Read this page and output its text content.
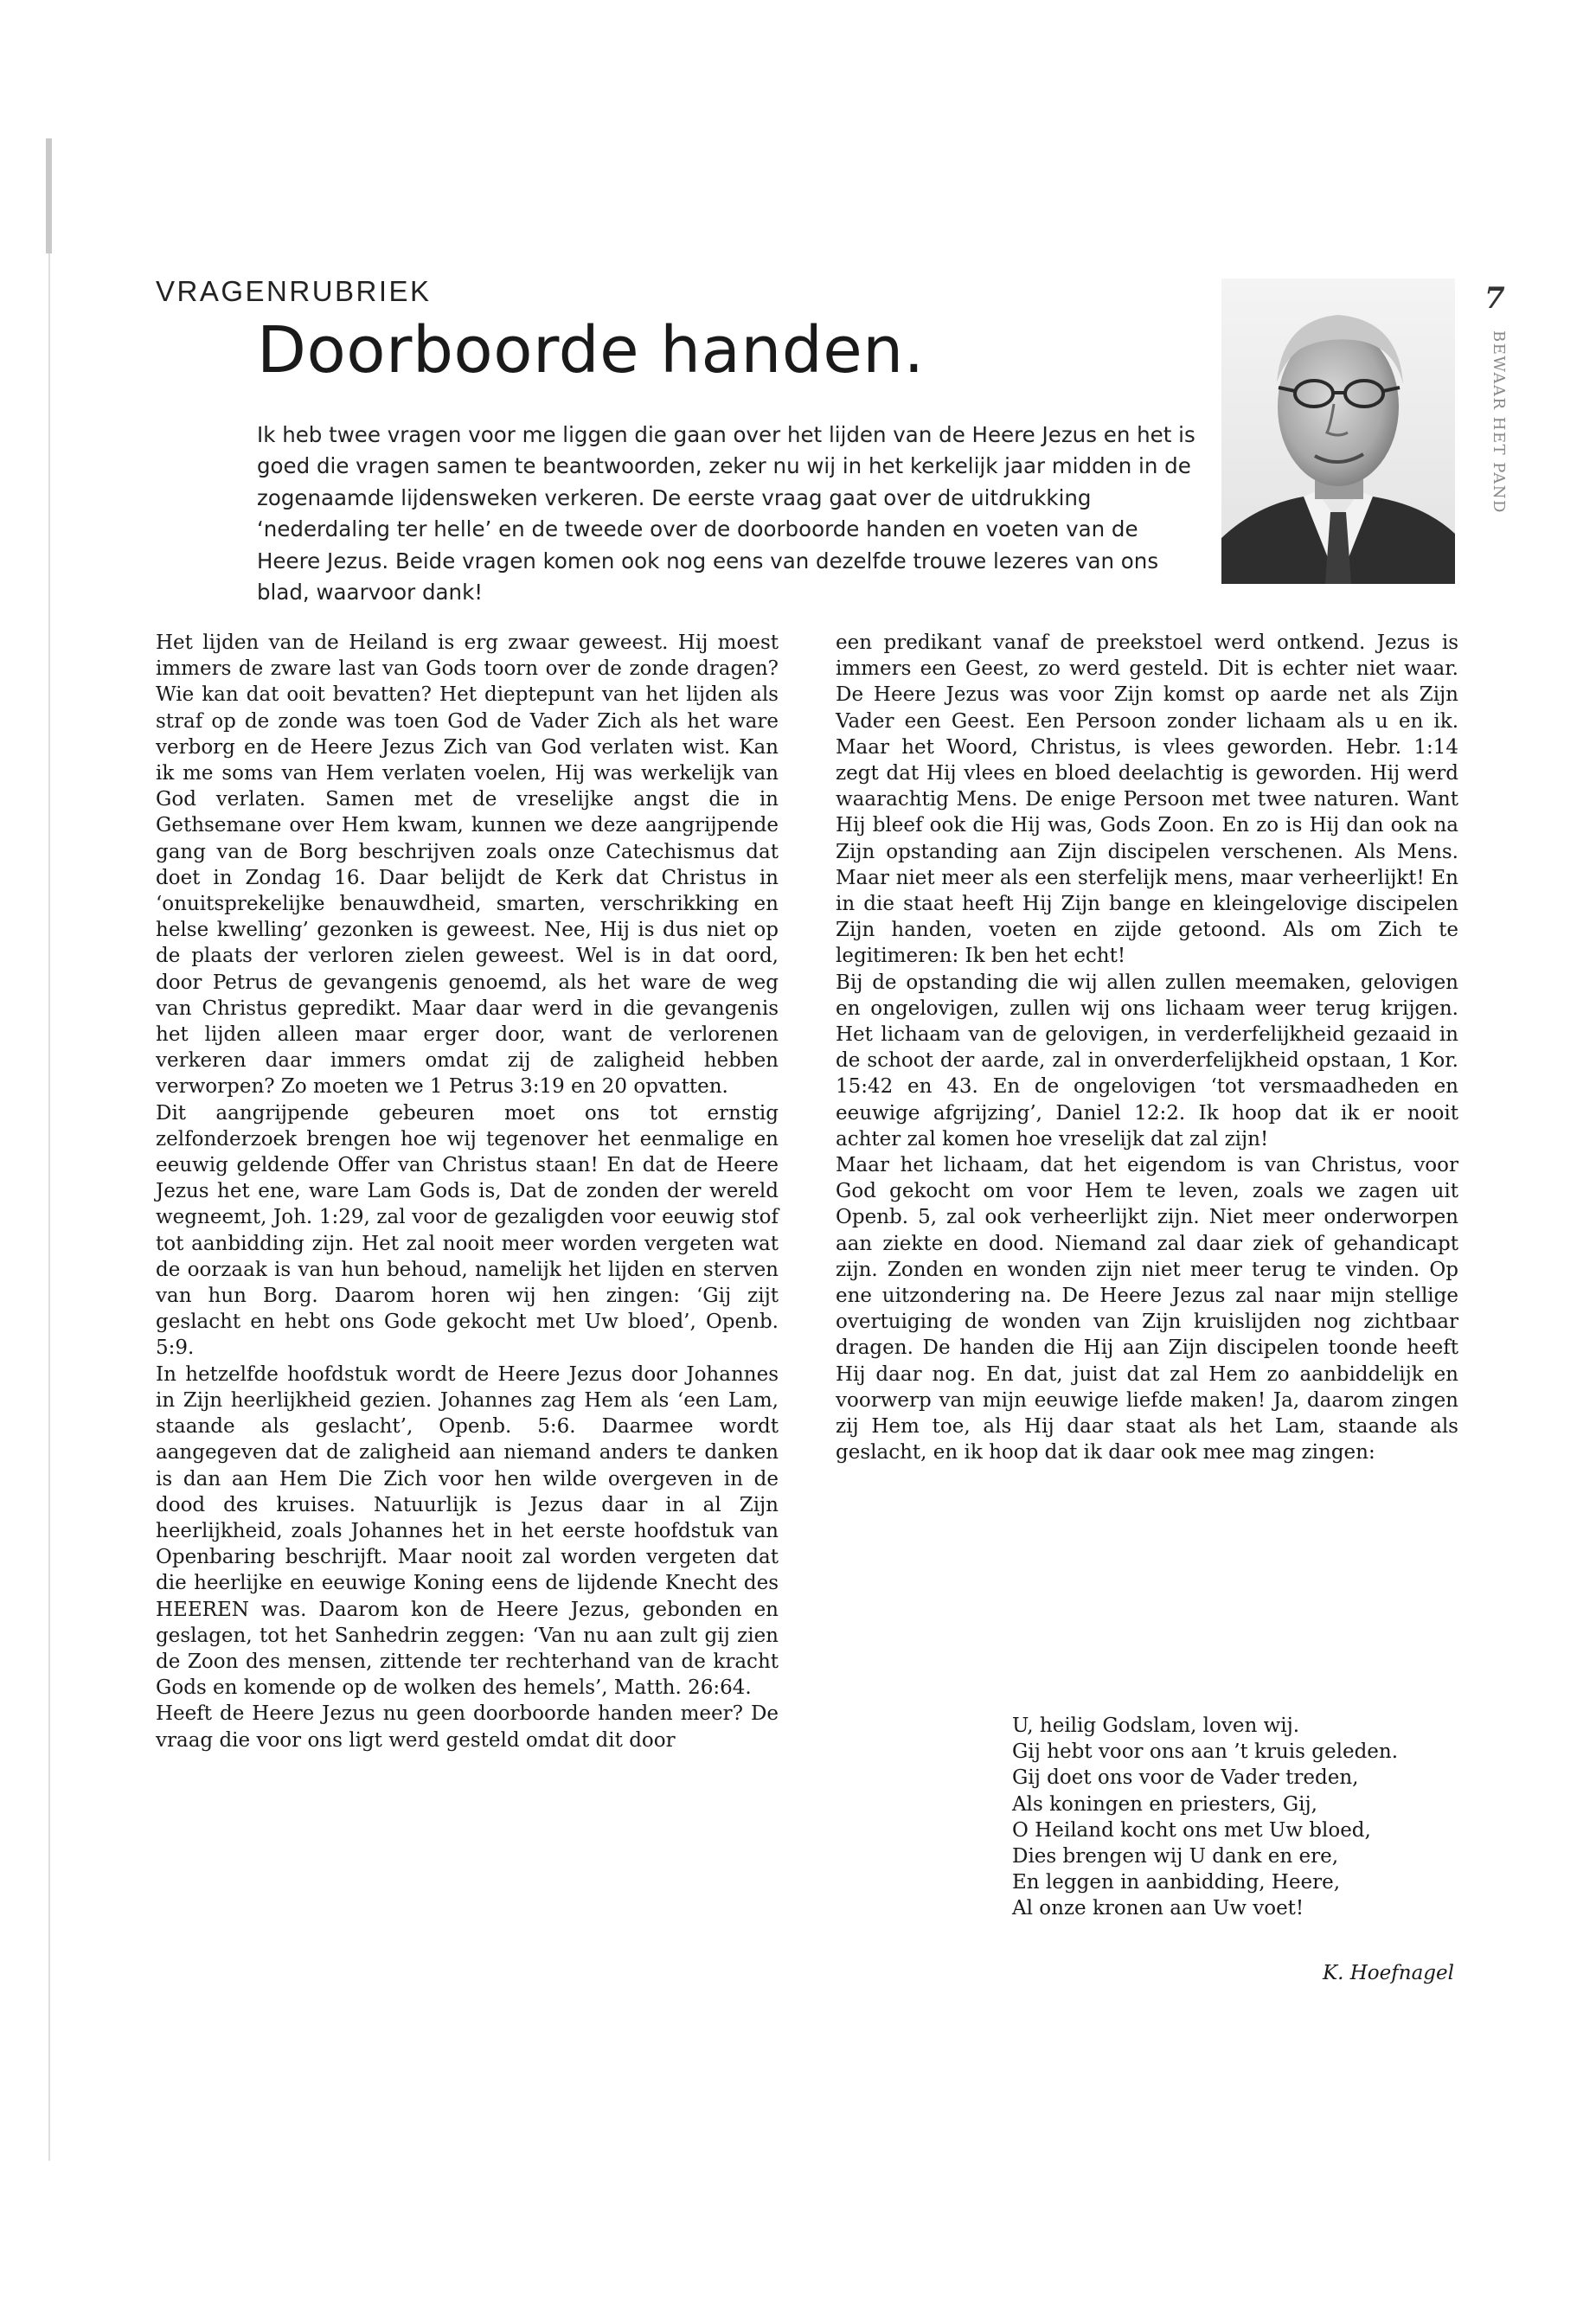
VRAGENRUBRIEK
Doorboorde handen.

Ik heb twee vragen voor me liggen die gaan over het lijden van de Heere Jezus en het is goed die vragen samen te beantwoorden, zeker nu wij in het kerkelijk jaar midden in de zogenaamde lijdensweken verkeren. De eerste vraag gaat over de uitdrukking ‘nederdaling ter helle’ en de tweede over de doorboorde handen en voeten van de Heere Jezus. Beide vragen komen ook nog eens van dezelfde trouwe lezeres van ons blad, waarvoor dank!

7
BEWAAR HET PAND

Het lijden van de Heiland is erg zwaar geweest. Hij moest immers de zware last van Gods toorn over de zonde dragen? Wie kan dat ooit bevatten? Het dieptepunt van het lijden als straf op de zonde was toen God de Vader Zich als het ware verborg en de Heere Jezus Zich van God verlaten wist. Kan ik me soms van Hem verlaten voelen, Hij was werkelijk van God verlaten. Samen met de vreselijke angst die in Gethsemane over Hem kwam, kunnen we deze aangrijpende gang van de Borg beschrijven zoals onze Catechismus dat doet in Zondag 16. Daar belijdt de Kerk dat Christus in ‘onuitsprekelijke benauwdheid, smarten, verschrikking en helse kwelling’ gezonken is geweest. Nee, Hij is dus niet op de plaats der verloren zielen geweest. Wel is in dat oord, door Petrus de gevangenis genoemd, als het ware de weg van Christus gepredikt. Maar daar werd in die gevangenis het lijden alleen maar erger door, want de verlorenen verkeren daar immers omdat zij de zaligheid hebben verworpen? Zo moeten we 1 Petrus 3:19 en 20 opvatten.

Dit aangrijpende gebeuren moet ons tot ernstig zelfonderzoek brengen hoe wij tegenover het eenmalige en eeuwig geldende Offer van Christus staan! En dat de Heere Jezus het ene, ware Lam Gods is, Dat de zonden der wereld wegneemt, Joh. 1:29, zal voor de gezaligden voor eeuwig stof tot aanbidding zijn. Het zal nooit meer worden vergeten wat de oorzaak is van hun behoud, namelijk het lijden en sterven van hun Borg. Daarom horen wij hen zingen: ‘Gij zijt geslacht en hebt ons Gode gekocht met Uw bloed’, Openb. 5:9.

In hetzelfde hoofdstuk wordt de Heere Jezus door Johannes in Zijn heerlijkheid gezien. Johannes zag Hem als ‘een Lam, staande als geslacht’, Openb. 5:6. Daarmee wordt aangegeven dat de zaligheid aan niemand anders te danken is dan aan Hem Die Zich voor hen wilde overgeven in de dood des kruises. Natuurlijk is Jezus daar in al Zijn heerlijkheid, zoals Johannes het in het eerste hoofdstuk van Openbaring beschrijft. Maar nooit zal worden vergeten dat die heerlijke en eeuwige Koning eens de lijdende Knecht des HEEREN was. Daarom kon de Heere Jezus, gebonden en geslagen, tot het Sanhedrin zeggen: ‘Van nu aan zult gij zien de Zoon des mensen, zittende ter rechterhand van de kracht Gods en komende op de wolken des hemels’, Matth. 26:64.

Heeft de Heere Jezus nu geen doorboorde handen meer? De vraag die voor ons ligt werd gesteld omdat dit door

een predikant vanaf de preekstoel werd ontkend. Jezus is immers een Geest, zo werd gesteld. Dit is echter niet waar. De Heere Jezus was voor Zijn komst op aarde net als Zijn Vader een Geest. Een Persoon zonder lichaam als u en ik. Maar het Woord, Christus, is vlees geworden. Hebr. 1:14 zegt dat Hij vlees en bloed deelachtig is geworden. Hij werd waarachtig Mens. De enige Persoon met twee naturen. Want Hij bleef ook die Hij was, Gods Zoon. En zo is Hij dan ook na Zijn opstanding aan Zijn discipelen verschenen. Als Mens. Maar niet meer als een sterfelijk mens, maar verheerlijkt! En in die staat heeft Hij Zijn bange en kleingelovige discipelen Zijn handen, voeten en zijde getoond. Als om Zich te legitimeren: Ik ben het echt!

Bij de opstanding die wij allen zullen meemaken, gelovigen en ongelovigen, zullen wij ons lichaam weer terug krijgen. Het lichaam van de gelovigen, in verderfelijkheid gezaaid in de schoot der aarde, zal in onverderfelijkheid opstaan, 1 Kor. 15:42 en 43. En de ongelovigen ‘tot versmaadheden en eeuwige afgrijzing’, Daniel 12:2. Ik hoop dat ik er nooit achter zal komen hoe vreselijk dat zal zijn!

Maar het lichaam, dat het eigendom is van Christus, voor God gekocht om voor Hem te leven, zoals we zagen uit Openb. 5, zal ook verheerlijkt zijn. Niet meer onderworpen aan ziekte en dood. Niemand zal daar ziek of gehandicapt zijn. Zonden en wonden zijn niet meer terug te vinden. Op ene uitzondering na. De Heere Jezus zal naar mijn stellige overtuiging de wonden van Zijn kruislijden nog zichtbaar dragen. De handen die Hij aan Zijn discipelen toonde heeft Hij daar nog. En dat, juist dat zal Hem zo aanbiddelijk en voorwerp van mijn eeuwige liefde maken! Ja, daarom zingen zij Hem toe, als Hij daar staat als het Lam, staande als geslacht, en ik hoop dat ik daar ook mee mag zingen:

U, heilig Godslam, loven wij.
Gij hebt voor ons aan ’t kruis geleden.
Gij doet ons voor de Vader treden,
Als koningen en priesters, Gij,
O Heiland kocht ons met Uw bloed,
Dies brengen wij U dank en ere,
En leggen in aanbidding, Heere,
Al onze kronen aan Uw voet!
K. Hoefnagel
